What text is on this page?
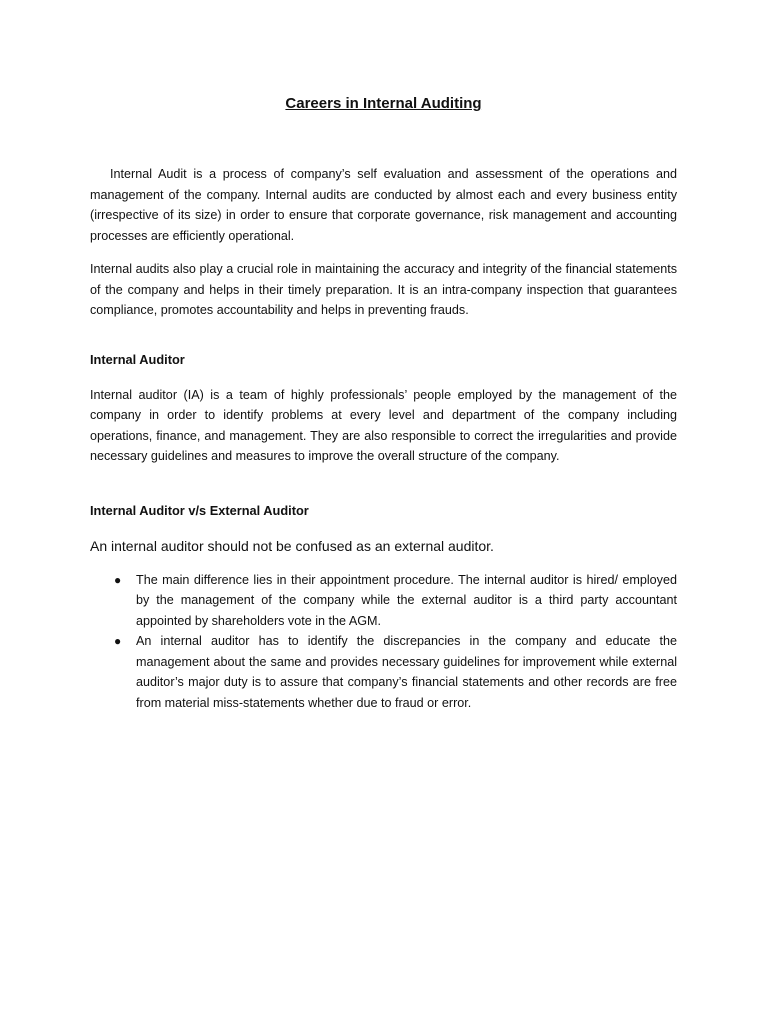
Careers in Internal Auditing

Internal Audit is a process of company’s self evaluation and assessment of the operations and management of the company. Internal audits are conducted by almost each and every business entity (irrespective of its size) in order to ensure that corporate governance, risk management and accounting processes are efficiently operational.

Internal audits also play a crucial role in maintaining the accuracy and integrity of the financial statements of the company and helps in their timely preparation. It is an intra-company inspection that guarantees compliance, promotes accountability and helps in preventing frauds.

Internal Auditor

Internal auditor (IA) is a team of highly professionals’ people employed by the management of the company in order to identify problems at every level and department of the company including operations, finance, and management. They are also responsible to correct the irregularities and provide necessary guidelines and measures to improve the overall structure of the company.

Internal Auditor v/s External Auditor
An internal auditor should not be confused as an external auditor.
● The main difference lies in their appointment procedure. The internal auditor is hired/ employed by the management of the company while the external auditor is a third party accountant appointed by shareholders vote in the AGM.
● An internal auditor has to identify the discrepancies in the company and educate the management about the same and provides necessary guidelines for improvement while external auditor’s major duty is to assure that company’s financial statements and other records are free from material miss-statements whether due to fraud or error.
